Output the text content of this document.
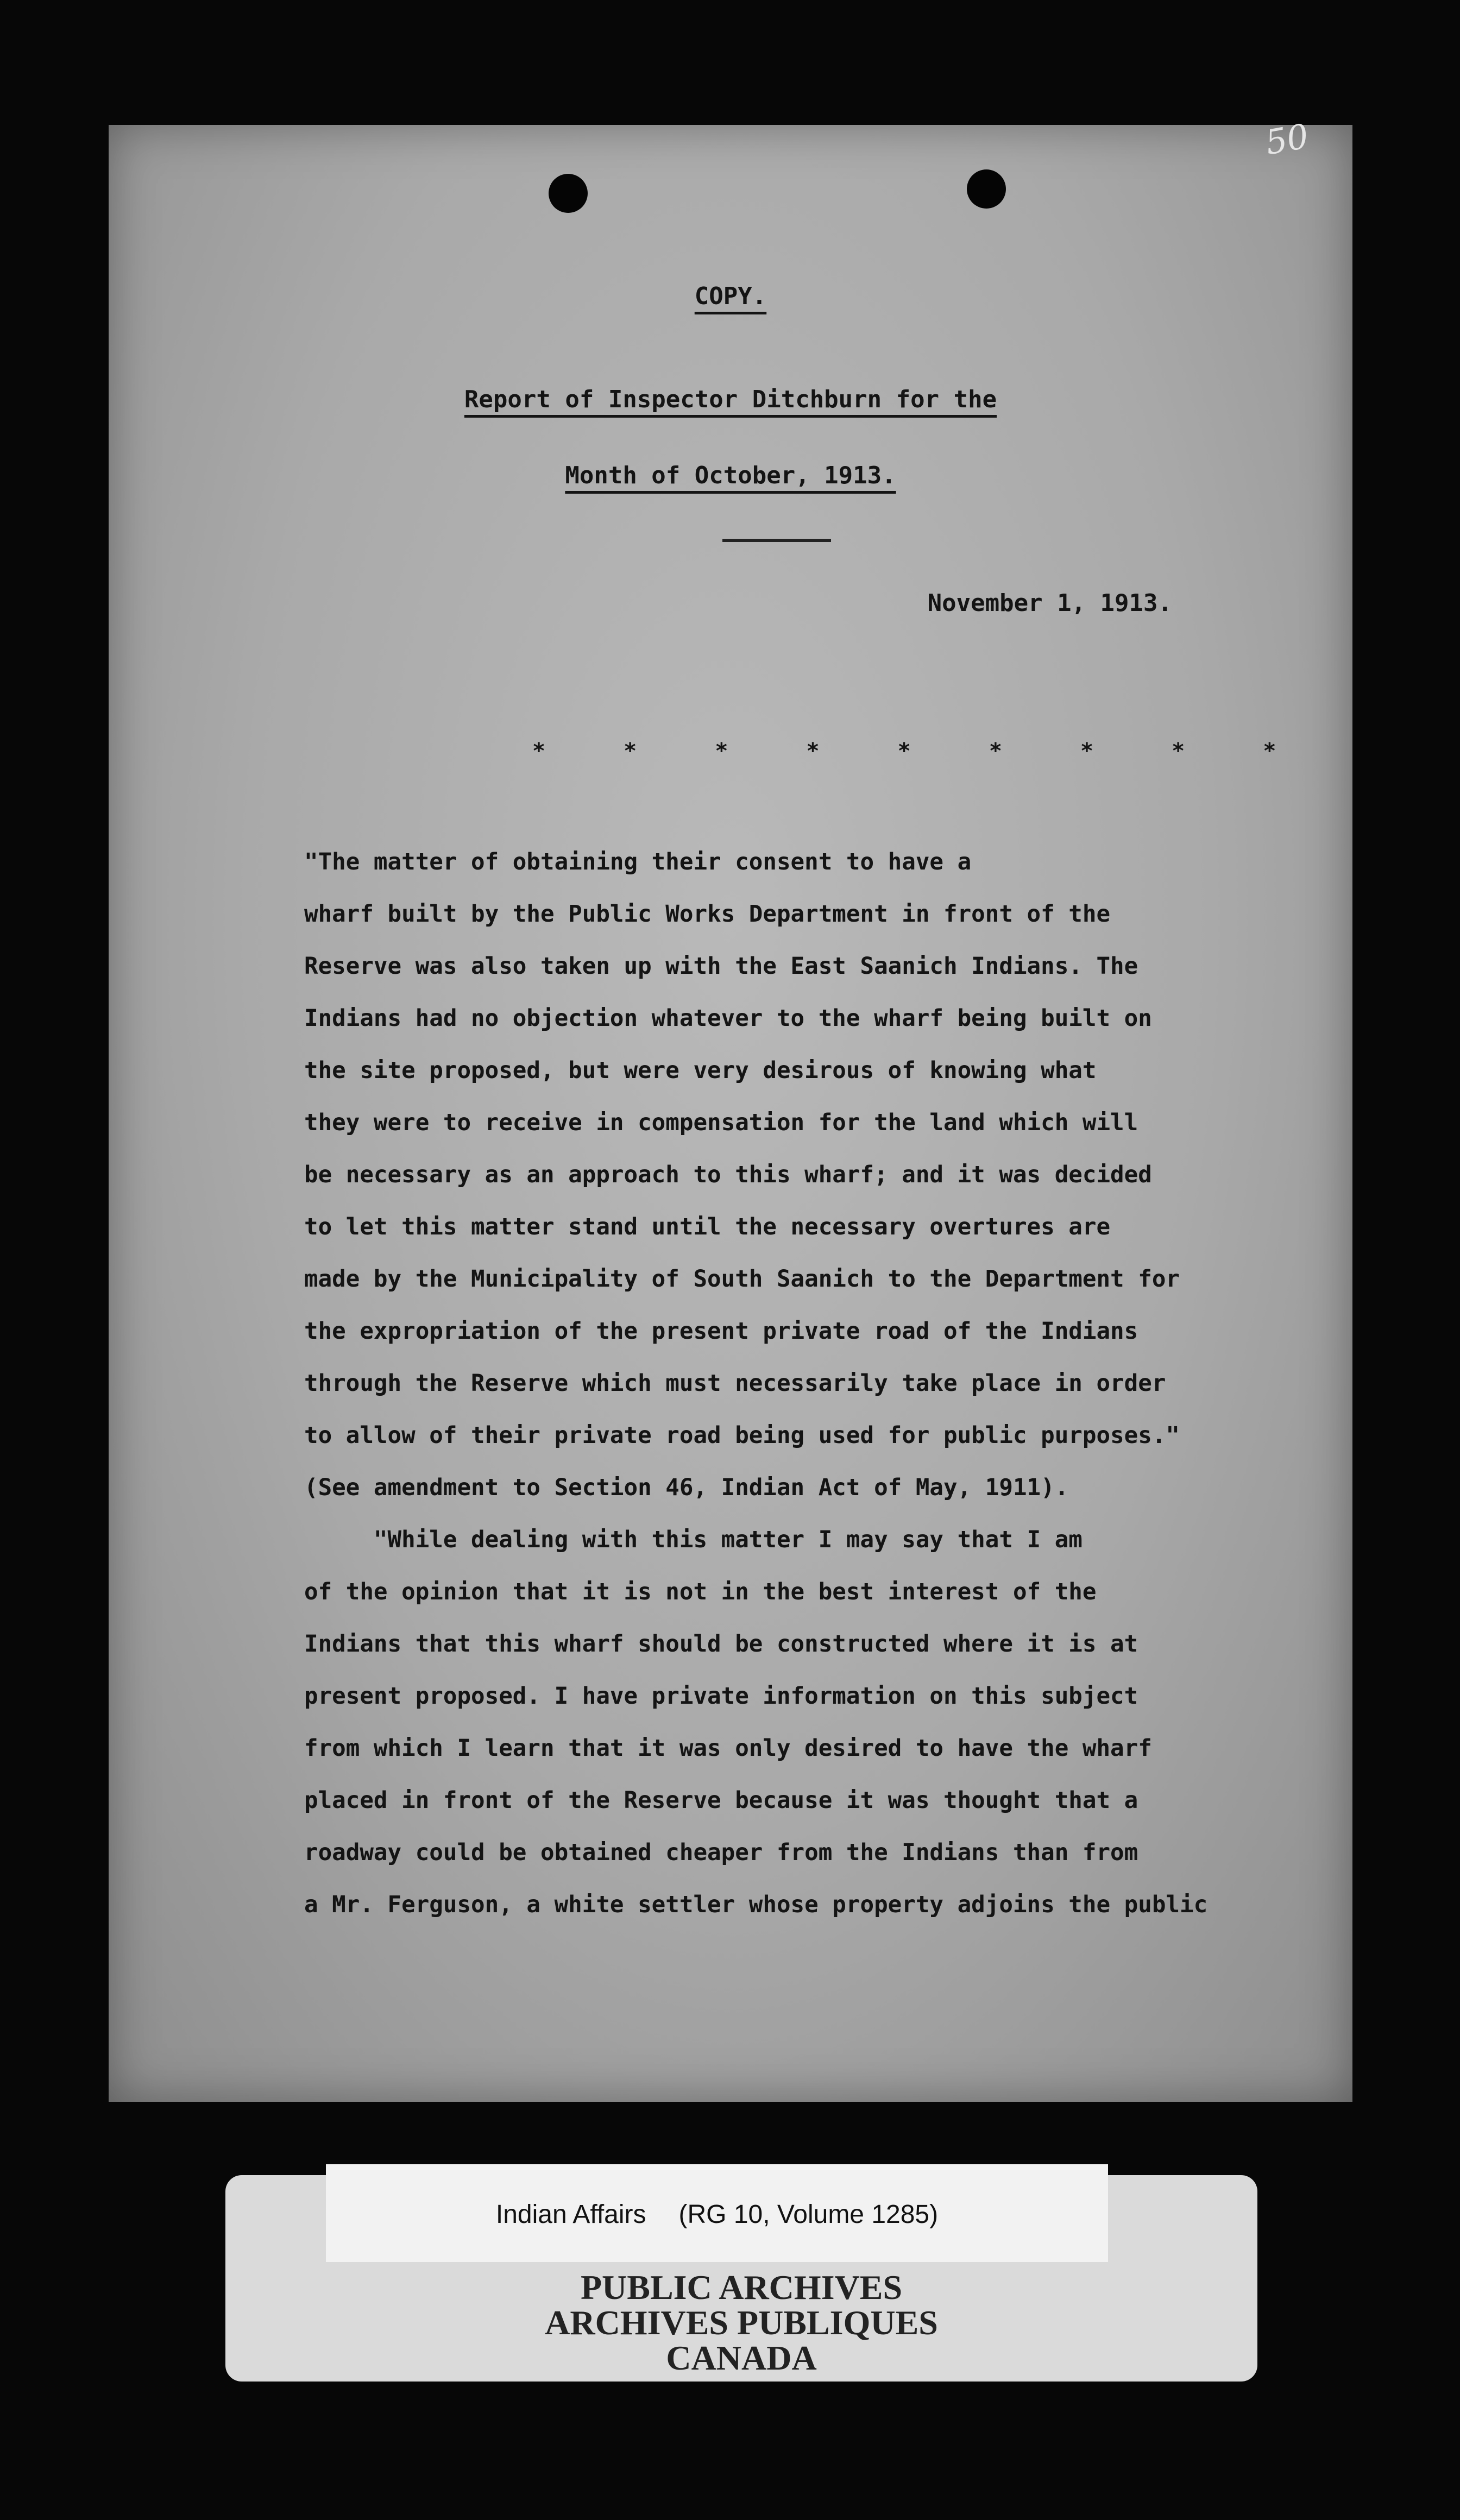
50
COPY.
Report of Inspector Ditchburn for the
Month of October, 1913.
November 1, 1913.
* * * * * * * * *
"The matter of obtaining their consent to have a
wharf built by the Public Works Department in front of the
Reserve was also taken up with the East Saanich Indians. The
Indians had no objection whatever to the wharf being built on
the site proposed, but were very desirous of knowing what
they were to receive in compensation for the land which will
be necessary as an approach to this wharf; and it was decided
to let this matter stand until the necessary overtures are
made by the Municipality of South Saanich to the Department for
the expropriation of the present private road of the Indians
through the Reserve which must necessarily take place in order
to allow of their private road being used for public purposes."
(See amendment to Section 46, Indian Act of May, 1911).
"While dealing with this matter I may say that I am
of the opinion that it is not in the best interest of the
Indians that this wharf should be constructed where it is at
present proposed. I have private information on this subject
from which I learn that it was only desired to have the wharf
placed in front of the Reserve because it was thought that a
roadway could be obtained cheaper from the Indians than from
a Mr. Ferguson, a white settler whose property adjoins the public
Indian Affairs (RG 10, Volume 1285)
PUBLIC ARCHIVES
ARCHIVES PUBLIQUES
CANADA
